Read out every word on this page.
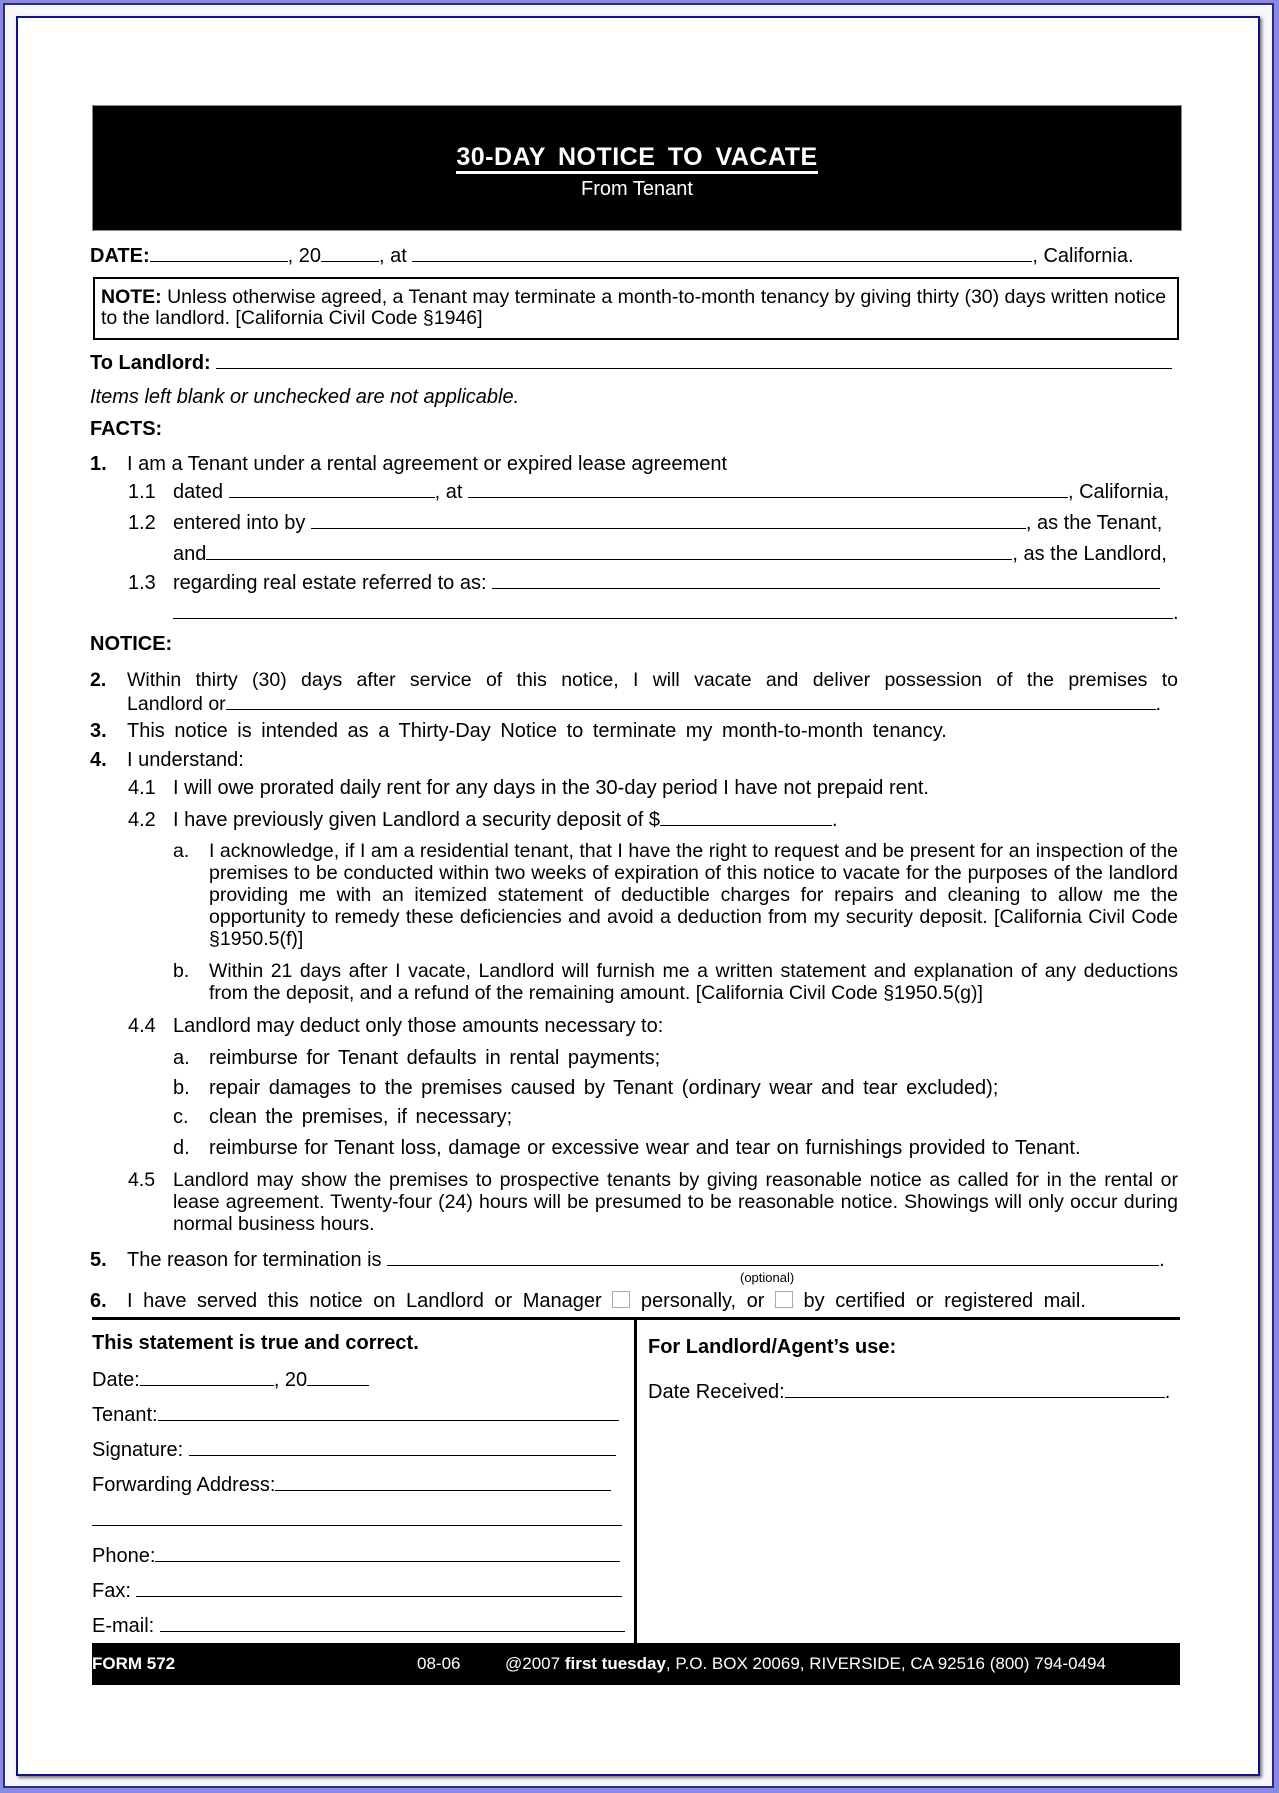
30-DAY NOTICE TO VACATE
From Tenant
DATE:	, 20	, at	, California.
NOTE: Unless otherwise agreed, a Tenant may terminate a month-to-month tenancy by giving thirty (30) days written notice to the landlord. [California Civil Code §1946]
To Landlord:
Items left blank or unchecked are not applicable.
FACTS:
1. I am a Tenant under a rental agreement or expired lease agreement
1.1 dated	, at	, California,
1.2 entered into by	, as the Tenant,
and	, as the Landlord,
1.3 regarding real estate referred to as:
.
NOTICE:
2.	Within thirty (30) days after service of this notice, I will vacate and deliver possession of the premises to
Landlord or	.
3. This notice is intended as a Thirty-Day Notice to terminate my month-to-month tenancy.
4. I understand:
4.1 I will owe prorated daily rent for any days in the 30-day period I have not prepaid rent.
4.2 I have previously given Landlord a security deposit of $	.
a.	I acknowledge, if I am a residential tenant, that I have the right to request and be present for an inspection of the premises to be conducted within two weeks of expiration of this notice to vacate for the purposes of the landlord providing me with an itemized statement of deductible charges for repairs and cleaning to allow me the opportunity to remedy these deficiencies and avoid a deduction from my security deposit. [California Civil Code §1950.5(f)]
b.	Within 21 days after I vacate, Landlord will furnish me a written statement and explanation of any deductions from the deposit, and a refund of the remaining amount. [California Civil Code §1950.5(g)]
4.4 Landlord may deduct only those amounts necessary to:
a. reimburse for Tenant defaults in rental payments;
b. repair damages to the premises caused by Tenant (ordinary wear and tear excluded);
c. clean the premises, if necessary;
d. reimburse for Tenant loss, damage or excessive wear and tear on furnishings provided to Tenant.
4.5 Landlord may show the premises to prospective tenants by giving reasonable notice as called for in the rental or lease agreement. Twenty-four (24) hours will be presumed to be reasonable notice. Showings will only occur during normal business hours.
5. The reason for termination is	.
(optional)
6. I have served this notice on Landlord or Manager personally, or by certified or registered mail.
This statement is true and correct.
Date:	, 20
Tenant:
Signature:
Forwarding Address:
Phone:
Fax:
E-mail:
For Landlord/Agent’s use:
Date Received:	.
FORM 572	08-06	@2007 first tuesday, P.O. BOX 20069, RIVERSIDE, CA 92516 (800) 794-0494
